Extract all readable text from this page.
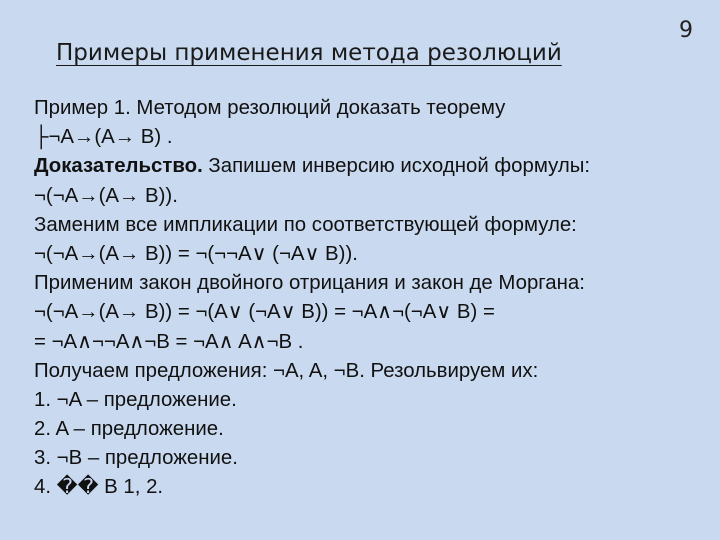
9
Примеры применения метода резолюций
Пример 1. Методом резолюций доказать теорему
├¬A→(A→ B) .
Доказательство. Запишем инверсию исходной формулы:
¬(¬A→(A→ B)).
Заменим все импликации по соответствующей формуле:
¬(¬A→(A→ B)) = ¬(¬¬A∨ (¬A∨ B)).
Применим закон двойного отрицания и закон де Моргана:
¬(¬A→(A→ B)) = ¬(A∨ (¬A∨ B)) = ¬A∧¬(¬A∨ B) =
= ¬A∧¬¬A∧¬B = ¬A∧ A∧¬B .
Получаем предложения: ¬A, A, ¬B. Резольвируем их:
1. ¬A – предложение.
2. A – предложение.
3. ¬B – предложение.
4. �� B 1, 2.
